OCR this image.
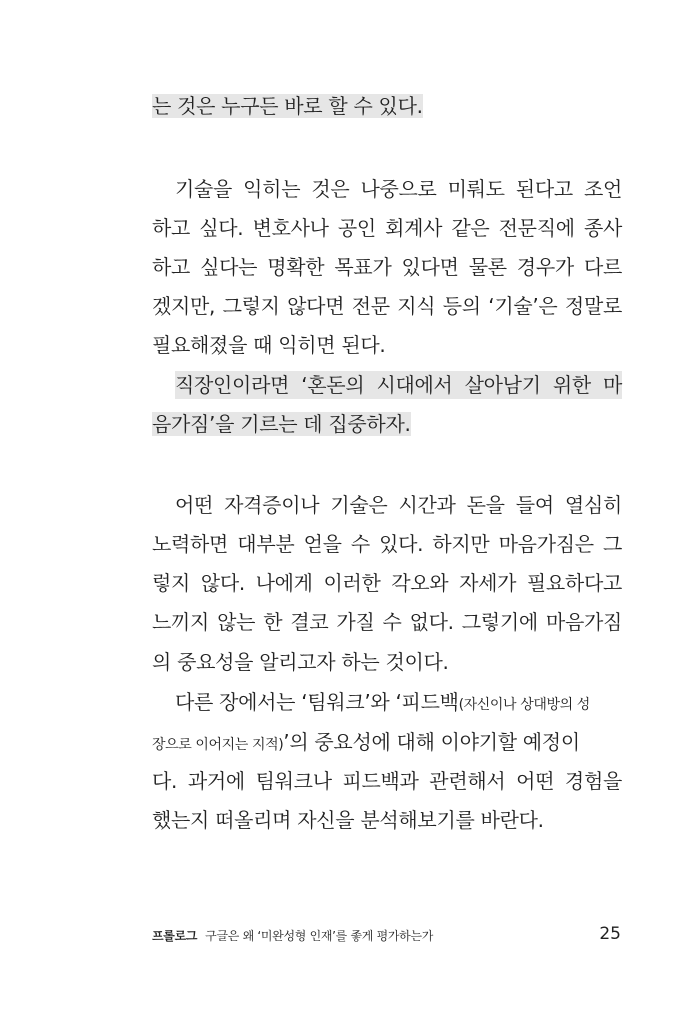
는 것은 누구든 바로 할 수 있다.
기술을 익히는 것은 나중으로 미뤄도 된다고 조언
하고 싶다. 변호사나 공인 회계사 같은 전문직에 종사
하고 싶다는 명확한 목표가 있다면 물론 경우가 다르
겠지만, 그렇지 않다면 전문 지식 등의 ‘기술’은 정말로
필요해졌을 때 익히면 된다.
직장인이라면 ‘혼돈의 시대에서 살아남기 위한 마
음가짐’을 기르는 데 집중하자.
어떤 자격증이나 기술은 시간과 돈을 들여 열심히
노력하면 대부분 얻을 수 있다. 하지만 마음가짐은 그
렇지 않다. 나에게 이러한 각오와 자세가 필요하다고
느끼지 않는 한 결코 가질 수 없다. 그렇기에 마음가짐
의 중요성을 알리고자 하는 것이다.
다른 장에서는 ‘팀워크’와 ‘피드백(자신이나 상대방의 성
장으로 이어지는 지적)’의 중요성에 대해 이야기할 예정이
다. 과거에 팀워크나 피드백과 관련해서 어떤 경험을
했는지 떠올리며 자신을 분석해보기를 바란다.
프롤로그 구글은 왜 ‘미완성형 인재’를 좋게 평가하는가	25
